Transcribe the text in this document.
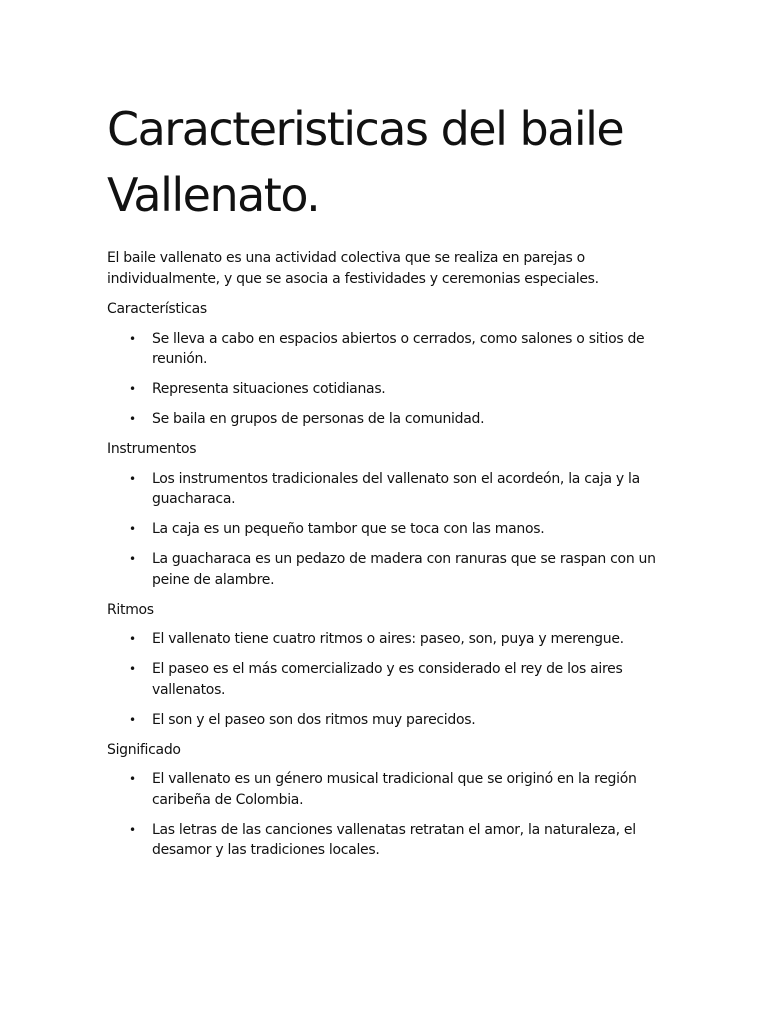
Caracteristicas del baile Vallenato.

El baile vallenato es una actividad colectiva que se realiza en parejas o individualmente, y que se asocia a festividades y ceremonias especiales.

Características

• Se lleva a cabo en espacios abiertos o cerrados, como salones o sitios de reunión.
• Representa situaciones cotidianas.
• Se baila en grupos de personas de la comunidad.

Instrumentos

• Los instrumentos tradicionales del vallenato son el acordeón, la caja y la guacharaca.
• La caja es un pequeño tambor que se toca con las manos.
• La guacharaca es un pedazo de madera con ranuras que se raspan con un peine de alambre.

Ritmos

• El vallenato tiene cuatro ritmos o aires: paseo, son, puya y merengue.
• El paseo es el más comercializado y es considerado el rey de los aires vallenatos.
• El son y el paseo son dos ritmos muy parecidos.

Significado

• El vallenato es un género musical tradicional que se originó en la región caribeña de Colombia.
• Las letras de las canciones vallenatas retratan el amor, la naturaleza, el desamor y las tradiciones locales.
